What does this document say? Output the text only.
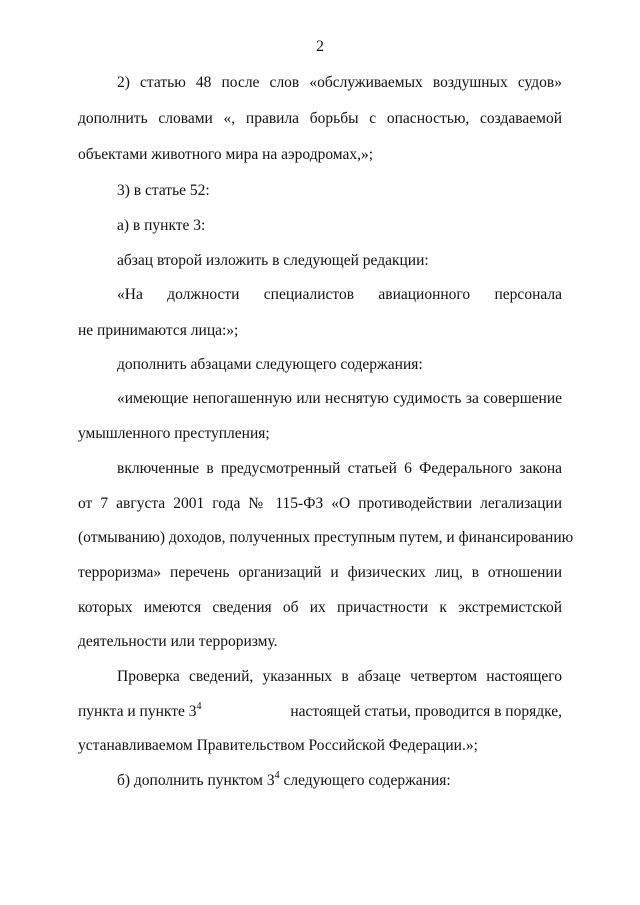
2
2) статью 48 после слов «обслуживаемых воздушных судов»
дополнить словами «, правила борьбы с опасностью, создаваемой
объектами животного мира на аэродромах,»;
3) в статье 52:
а) в пункте 3:
абзац второй изложить в следующей редакции:
«На должности специалистов авиационного персонала
не принимаются лица:»;
дополнить абзацами следующего содержания:
«имеющие непогашенную или неснятую судимость за совершение
умышленного преступления;
включенные в предусмотренный статьей 6 Федерального закона
от 7 августа 2001 года № 115-ФЗ «О противодействии легализации
(отмыванию) доходов, полученных преступным путем, и финансированию
терроризма» перечень организаций и физических лиц, в отношении
которых имеются сведения об их причастности к экстремистской
деятельности или терроризму.
Проверка сведений, указанных в абзаце четвертом настоящего
пункта и пункте $3^4$	настоящей статьи, проводится в порядке,
устанавливаемом Правительством Российской Федерации.»;
б) дополнить пунктом $3^4$ следующего содержания:
